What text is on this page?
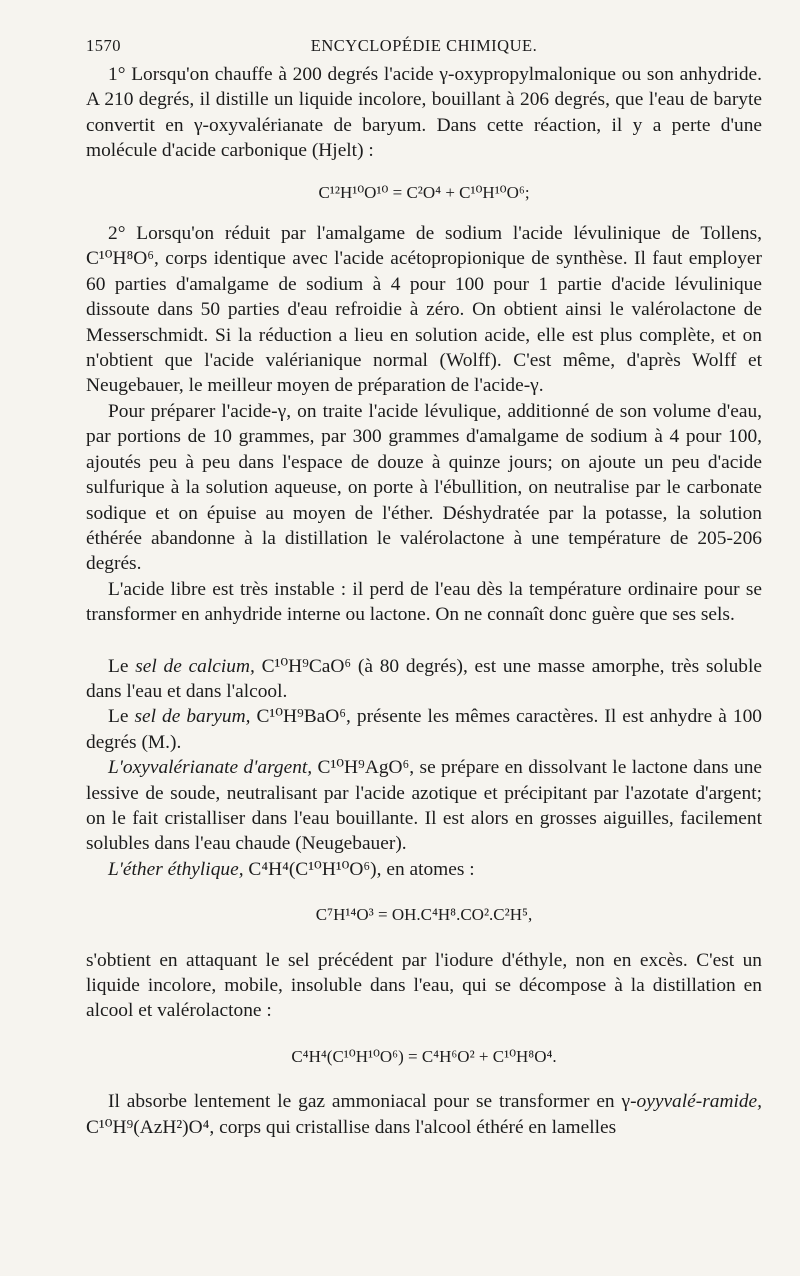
1570	ENCYCLOPÉDIE CHIMIQUE.

1° Lorsqu'on chauffe à 200 degrés l'acide γ-oxypropylmalonique ou son anhydride. A 210 degrés, il distille un liquide incolore, bouillant à 206 degrés, que l'eau de baryte convertit en γ-oxyvalérianate de baryum. Dans cette réaction, il y a perte d'une molécule d'acide carbonique (Hjelt) :

C¹²H¹⁰O¹⁰ = C²O⁴ + C¹⁰H¹⁰O⁶;

2° Lorsqu'on réduit par l'amalgame de sodium l'acide lévulinique de Tollens, C¹⁰H⁸O⁶, corps identique avec l'acide acétopropionique de synthèse. Il faut employer 60 parties d'amalgame de sodium à 4 pour 100 pour 1 partie d'acide lévulinique dissoute dans 50 parties d'eau refroidie à zéro. On obtient ainsi le valérolactone de Messerschmidt. Si la réduction a lieu en solution acide, elle est plus complète, et on n'obtient que l'acide valérianique normal (Wolff). C'est même, d'après Wolff et Neugebauer, le meilleur moyen de préparation de l'acide-γ.

Pour préparer l'acide-γ, on traite l'acide lévulique, additionné de son volume d'eau, par portions de 10 grammes, par 300 grammes d'amalgame de sodium à 4 pour 100, ajoutés peu à peu dans l'espace de douze à quinze jours; on ajoute un peu d'acide sulfurique à la solution aqueuse, on porte à l'ébullition, on neutralise par le carbonate sodique et on épuise au moyen de l'éther. Déshydratée par la potasse, la solution éthérée abandonne à la distillation le valérolactone à une température de 205-206 degrés.

L'acide libre est très instable : il perd de l'eau dès la température ordinaire pour se transformer en anhydride interne ou lactone. On ne connaît donc guère que ses sels.

Le sel de calcium, C¹⁰H⁹CaO⁶ (à 80 degrés), est une masse amorphe, très soluble dans l'eau et dans l'alcool.

Le sel de baryum, C¹⁰H⁹BaO⁶, présente les mêmes caractères. Il est anhydre à 100 degrés (M.).

L'oxyvalérianate d'argent, C¹⁰H⁹AgO⁶, se prépare en dissolvant le lactone dans une lessive de soude, neutralisant par l'acide azotique et précipitant par l'azotate d'argent; on le fait cristalliser dans l'eau bouillante. Il est alors en grosses aiguilles, facilement solubles dans l'eau chaude (Neugebauer).

L'éther éthylique, C⁴H⁴(C¹⁰H¹⁰O⁶), en atomes :

C⁷H¹⁴O³ = OH.C⁴H⁸.CO².C²H⁵,

s'obtient en attaquant le sel précédent par l'iodure d'éthyle, non en excès. C'est un liquide incolore, mobile, insoluble dans l'eau, qui se décompose à la distillation en alcool et valérolactone :

C⁴H⁴(C¹⁰H¹⁰O⁶) = C⁴H⁶O² + C¹⁰H⁸O⁴.

Il absorbe lentement le gaz ammoniacal pour se transformer en γ-oyyvalé-ramide, C¹⁰H⁹(AzH²)O⁴, corps qui cristallise dans l'alcool éthéré en lamelles
